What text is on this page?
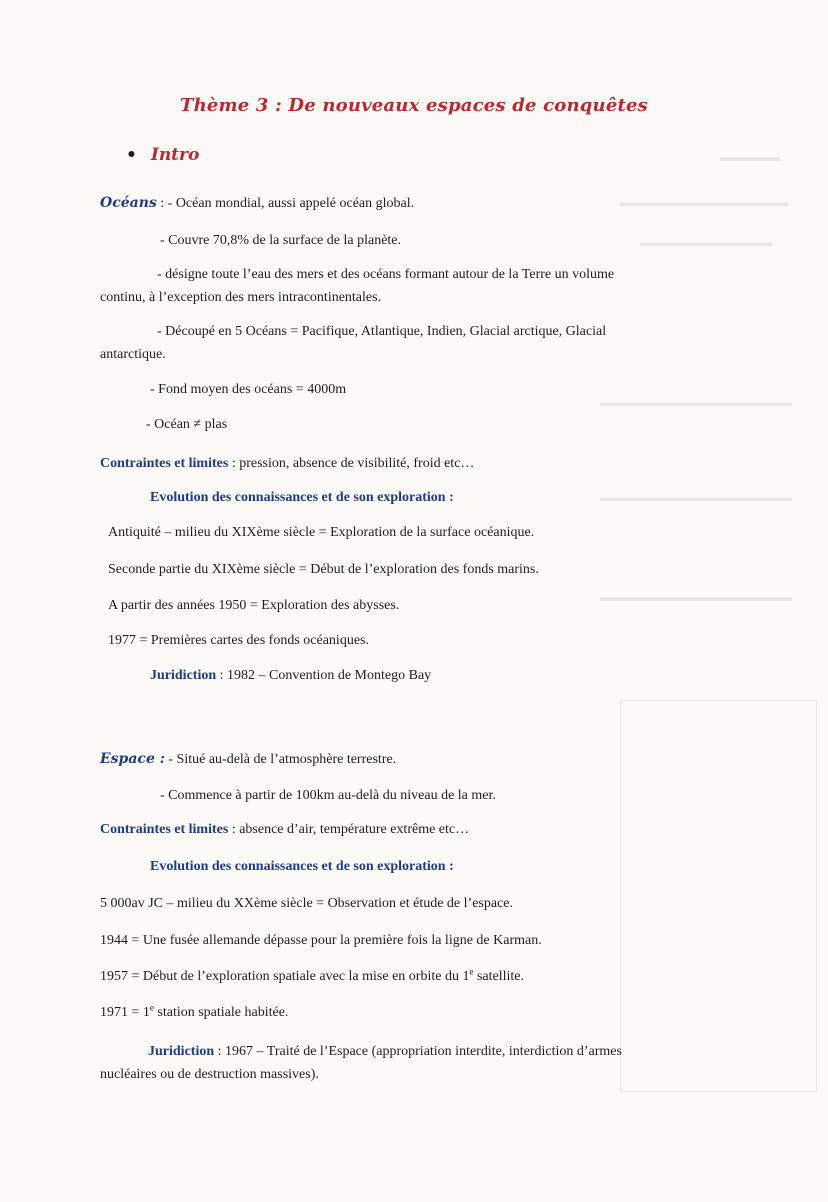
▬▬▬▬▬
▬▬▬▬▬▬▬▬▬▬▬▬▬▬
▬▬▬▬▬▬▬▬▬▬▬
▬▬▬▬▬▬▬▬▬▬▬▬▬▬▬▬
▬▬▬▬▬▬▬▬▬▬▬▬▬▬▬▬
▬▬▬▬▬▬▬▬▬▬▬▬▬▬▬▬
Thème 3 : De nouveaux espaces de conquêtes
• Intro
Océans : - Océan mondial, aussi appelé océan global.
- Couvre 70,8% de la surface de la planète.
- désigne toute l’eau des mers et des océans formant autour de la Terre un volume
continu, à l’exception des mers intracontinentales.
- Découpé en 5 Océans = Pacifique, Atlantique, Indien, Glacial arctique, Glacial
antarctique.
- Fond moyen des océans = 4000m
- Océan ≠ plas
Contraintes et limites : pression, absence de visibilité, froid etc…
Evolution des connaissances et de son exploration :
Antiquité – milieu du XIXème siècle = Exploration de la surface océanique.
Seconde partie du XIXème siècle = Début de l’exploration des fonds marins.
A partir des années 1950 = Exploration des abysses.
1977 = Premières cartes des fonds océaniques.
Juridiction : 1982 – Convention de Montego Bay
Espace : - Situé au-delà de l’atmosphère terrestre.
- Commence à partir de 100km au-delà du niveau de la mer.
Contraintes et limites : absence d’air, température extrême etc…
Evolution des connaissances et de son exploration :
5 000av JC – milieu du XXème siècle = Observation et étude de l’espace.
1944 = Une fusée allemande dépasse pour la première fois la ligne de Karman.
1957 = Début de l’exploration spatiale avec la mise en orbite du 1e satellite.
$1971 = 1^e$ station spatiale habitée.
Juridiction : 1967 – Traité de l’Espace (appropriation interdite, interdiction d’armes
nucléaires ou de destruction massives).
